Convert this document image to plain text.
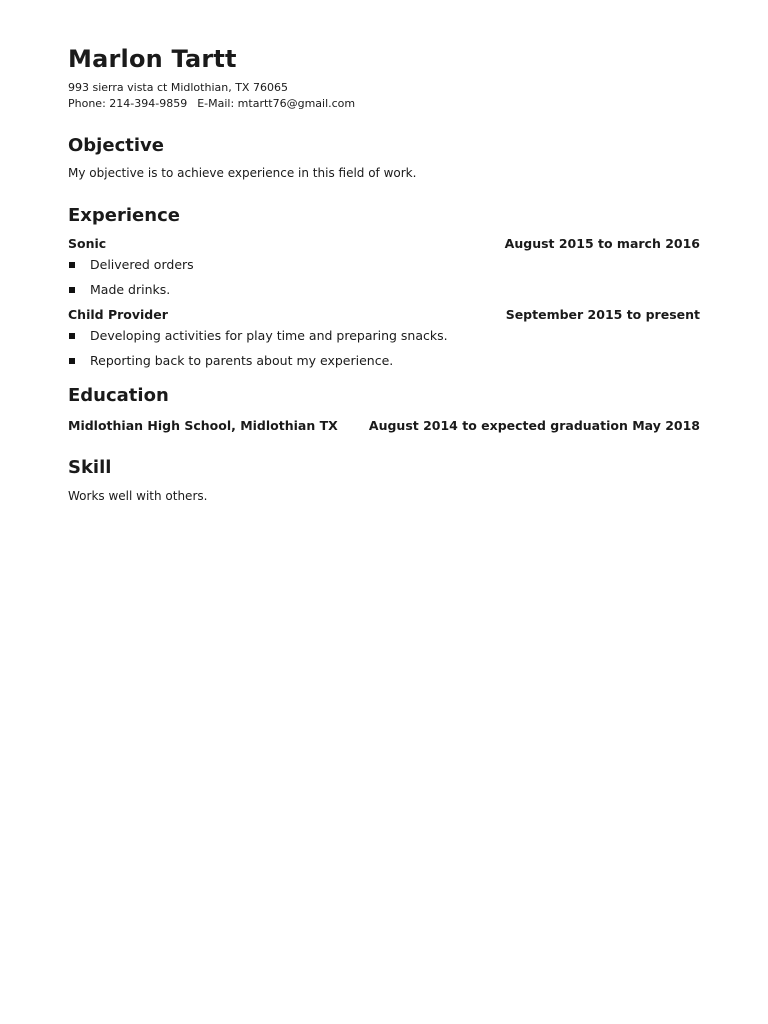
Marlon Tartt
993 sierra vista ct Midlothian, TX 76065
Phone: 214-394-9859 E-Mail: mtartt76@gmail.com
Objective
My objective is to achieve experience in this field of work.
Experience
Sonic	August 2015 to march 2016
Delivered orders
Made drinks.
Child Provider	September 2015 to present
Developing activities for play time and preparing snacks.
Reporting back to parents about my experience.
Education
Midlothian High School, Midlothian TX August 2014 to expected graduation May 2018
Skill
Works well with others.
